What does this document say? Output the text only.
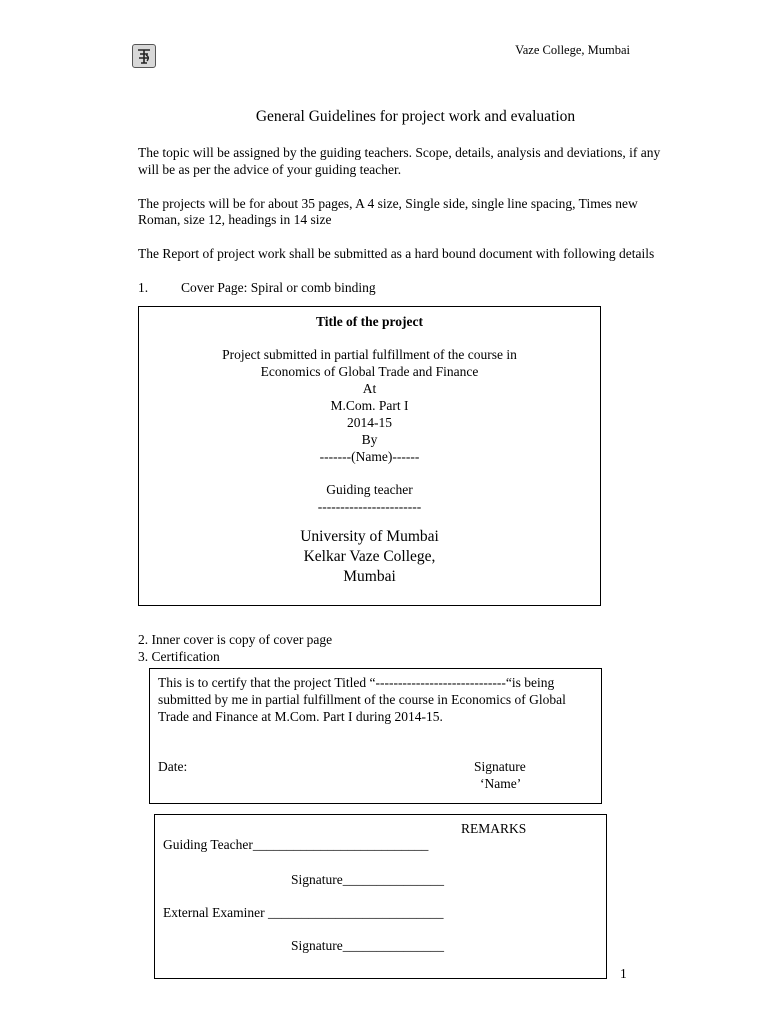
Vaze College, Mumbai
General Guidelines for project work and evaluation
The topic will be assigned by the guiding teachers. Scope, details, analysis and deviations, if any
will be as per the advice of your guiding teacher.
The projects will be for about 35 pages, A 4 size, Single side, single line spacing, Times new
Roman, size 12, headings in 14 size
The Report of project work shall be submitted as a hard bound document with following details
1. Cover Page: Spiral or comb binding
Title of the project
Project submitted in partial fulfillment of the course in
Economics of Global Trade and Finance
At
M.Com. Part I
2014-15
By
-------(Name)------
Guiding teacher
-----------------------
University of Mumbai
Kelkar Vaze College,
Mumbai
2. Inner cover is copy of cover page
3. Certification
This is to certify that the project Titled “-----------------------------“is being
submitted by me in partial fulfillment of the course in Economics of Global
Trade and Finance at M.Com. Part I during 2014-15.
Date:	Signature
‘Name’
REMARKS
Guiding Teacher__________________________
Signature_______________
External Examiner __________________________
Signature_______________
1
